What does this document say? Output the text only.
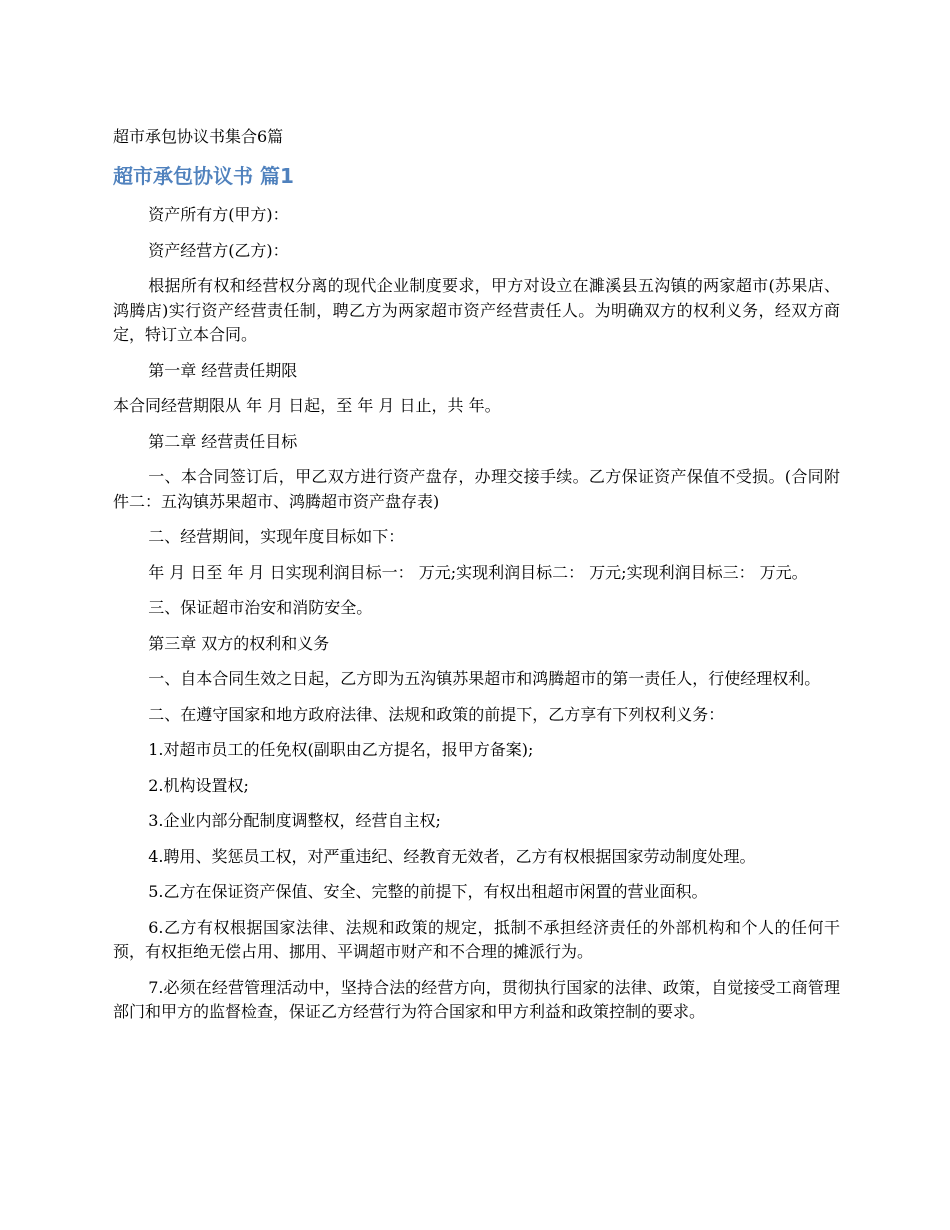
超市承包协议书集合6篇
超市承包协议书 篇1

资产所有方(甲方)：

资产经营方(乙方)：

根据所有权和经营权分离的现代企业制度要求，甲方对设立在濉溪县五沟镇的两家超市(苏果店、鸿腾店)实行资产经营责任制，聘乙方为两家超市资产经营责任人。为明确双方的权利义务，经双方商定，特订立本合同。

第一章 经营责任期限

本合同经营期限从 年 月 日起，至 年 月 日止，共 年。

第二章 经营责任目标

一、本合同签订后，甲乙双方进行资产盘存，办理交接手续。乙方保证资产保值不受损。(合同附件二：五沟镇苏果超市、鸿腾超市资产盘存表)

二、经营期间，实现年度目标如下：

年 月 日至 年 月 日实现利润目标一： 万元;实现利润目标二： 万元;实现利润目标三： 万元。

三、保证超市治安和消防安全。

第三章 双方的权利和义务

一、自本合同生效之日起，乙方即为五沟镇苏果超市和鸿腾超市的第一责任人，行使经理权利。

二、在遵守国家和地方政府法律、法规和政策的前提下，乙方享有下列权利义务：

1.对超市员工的任免权(副职由乙方提名，报甲方备案);

2.机构设置权;

3.企业内部分配制度调整权，经营自主权;

4.聘用、奖惩员工权，对严重违纪、经教育无效者，乙方有权根据国家劳动制度处理。

5.乙方在保证资产保值、安全、完整的前提下，有权出租超市闲置的营业面积。

6.乙方有权根据国家法律、法规和政策的规定，抵制不承担经济责任的外部机构和个人的任何干预，有权拒绝无偿占用、挪用、平调超市财产和不合理的摊派行为。

7.必须在经营管理活动中，坚持合法的经营方向，贯彻执行国家的法律、政策，自觉接受工商管理部门和甲方的监督检查，保证乙方经营行为符合国家和甲方利益和政策控制的要求。
